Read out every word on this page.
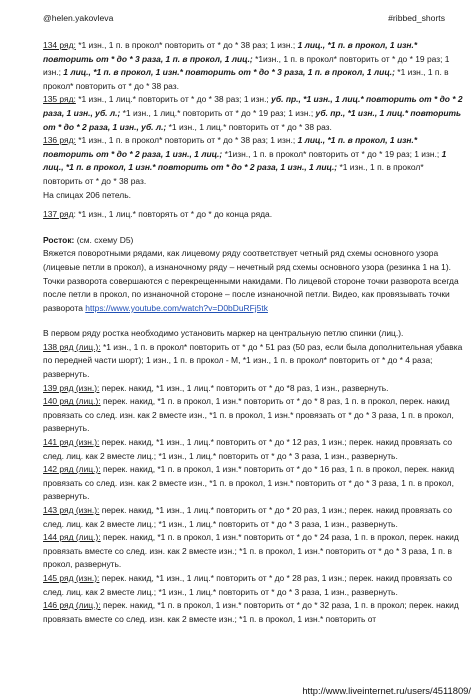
@helen.yakovleva	#ribbed_shorts

134 ряд: *1 изн., 1 п. в прокол* повторить от * до * 38 раз; 1 изн.; 1 лиц., *1 п. в прокол, 1 изн.* повторить от * до * 3 раза, 1 п. в прокол, 1 лиц.; *1изн., 1 п. в прокол* повторить от * до * 19 раз; 1 изн.; 1 лиц., *1 п. в прокол, 1 изн.* повторить от * до * 3 раза, 1 п. в прокол, 1 лиц.; *1 изн., 1 п. в прокол* повторить от * до * 38 раз.

135 ряд: *1 изн., 1 лиц.* повторить от * до * 38 раз; 1 изн.; уб. пр., *1 изн., 1 лиц.* повторить от * до * 2 раза, 1 изн., уб. л.; *1 изн., 1 лиц.* повторить от * до * 19 раз; 1 изн.; уб. пр., *1 изн., 1 лиц.* повторить от * до * 2 раза, 1 изн., уб. л.; *1 изн., 1 лиц.* повторить от * до * 38 раз.

136 ряд: *1 изн., 1 п. в прокол* повторить от * до * 38 раз; 1 изн.; 1 лиц., *1 п. в прокол, 1 изн.* повторить от * до * 2 раза, 1 изн., 1 лиц.; *1изн., 1 п. в прокол* повторить от * до * 19 раз; 1 изн.; 1 лиц., *1 п. в прокол, 1 изн.* повторить от * до * 2 раза, 1 изн., 1 лиц.; *1 изн., 1 п. в прокол* повторить от * до * 38 раз.

На спицах 206 петель.

137 ряд: *1 изн., 1 лиц.* повторять от * до * до конца ряда.

Росток: (см. схему D5)

Вяжется поворотными рядами, как лицевому ряду соответствует четный ряд схемы основного узора (лицевые петли в прокол), а изнаночному ряду – нечетный ряд схемы основного узора (резинка 1 на 1). Точки разворота совершаются с перекрещенными накидами. По лицевой стороне точки разворота всегда после петли в прокол, по изнаночной стороне – после изнаночной петли. Видео, как провязывать точки разворота https://www.youtube.com/watch?v=D0bDuRFj5tk

В первом ряду ростка необходимо установить маркер на центральную петлю спинки (лиц.).

138 ряд (лиц.): *1 изн., 1 п. в прокол* повторить от * до * 51 раз (50 раз, если была дополнительная убавка по передней части шорт); 1 изн., 1 п. в прокол - М, *1 изн., 1 п. в прокол* повторить от * до * 4 раза; развернуть.

139 ряд (изн.): перек. накид, *1 изн., 1 лиц.* повторить от * до *8 раз, 1 изн., развернуть.

140 ряд (лиц.): перек. накид, *1 п. в прокол, 1 изн.* повторить от * до * 8 раз, 1 п. в прокол, перек. накид провязать со след. изн. как 2 вместе изн., *1 п. в прокол, 1 изн.* провязать от * до * 3 раза, 1 п. в прокол, развернуть.

141 ряд (изн.): перек. накид, *1 изн., 1 лиц.* повторить от * до * 12 раз, 1 изн.; перек. накид провязать со след. лиц. как 2 вместе лиц.; *1 изн., 1 лиц.* повторить от * до * 3 раза, 1 изн., развернуть.

142 ряд (лиц.): перек. накид, *1 п. в прокол, 1 изн.* повторить от * до * 16 раз, 1 п. в прокол, перек. накид провязать со след. изн. как 2 вместе изн., *1 п. в прокол, 1 изн.* повторить от * до * 3 раза, 1 п. в прокол, развернуть.

143 ряд (изн.): перек. накид, *1 изн., 1 лиц.* повторить от * до * 20 раз, 1 изн.; перек. накид провязать со след. лиц. как 2 вместе лиц.; *1 изн., 1 лиц.* повторить от * до * 3 раза, 1 изн., развернуть.

144 ряд (лиц.): перек. накид, *1 п. в прокол, 1 изн.* повторить от * до * 24 раза, 1 п. в прокол, перек. накид провязать вместе со след. изн. как 2 вместе изн.; *1 п. в прокол, 1 изн.* повторить от * до * 3 раза, 1 п. в прокол, развернуть.

145 ряд (изн.): перек. накид, *1 изн., 1 лиц.* повторить от * до * 28 раз, 1 изн.; перек. накид провязать со след. лиц. как 2 вместе лиц.; *1 изн., 1 лиц.* повторить от * до * 3 раза, 1 изн., развернуть.

146 ряд (лиц.): перек. накид, *1 п. в прокол, 1 изн.* повторить от * до * 32 раза, 1 п. в прокол; перек. накид провязать вместе со след. изн. как 2 вместе изн.; *1 п. в прокол, 1 изн.* повторить от

http://www.liveinternet.ru/users/4511809/
